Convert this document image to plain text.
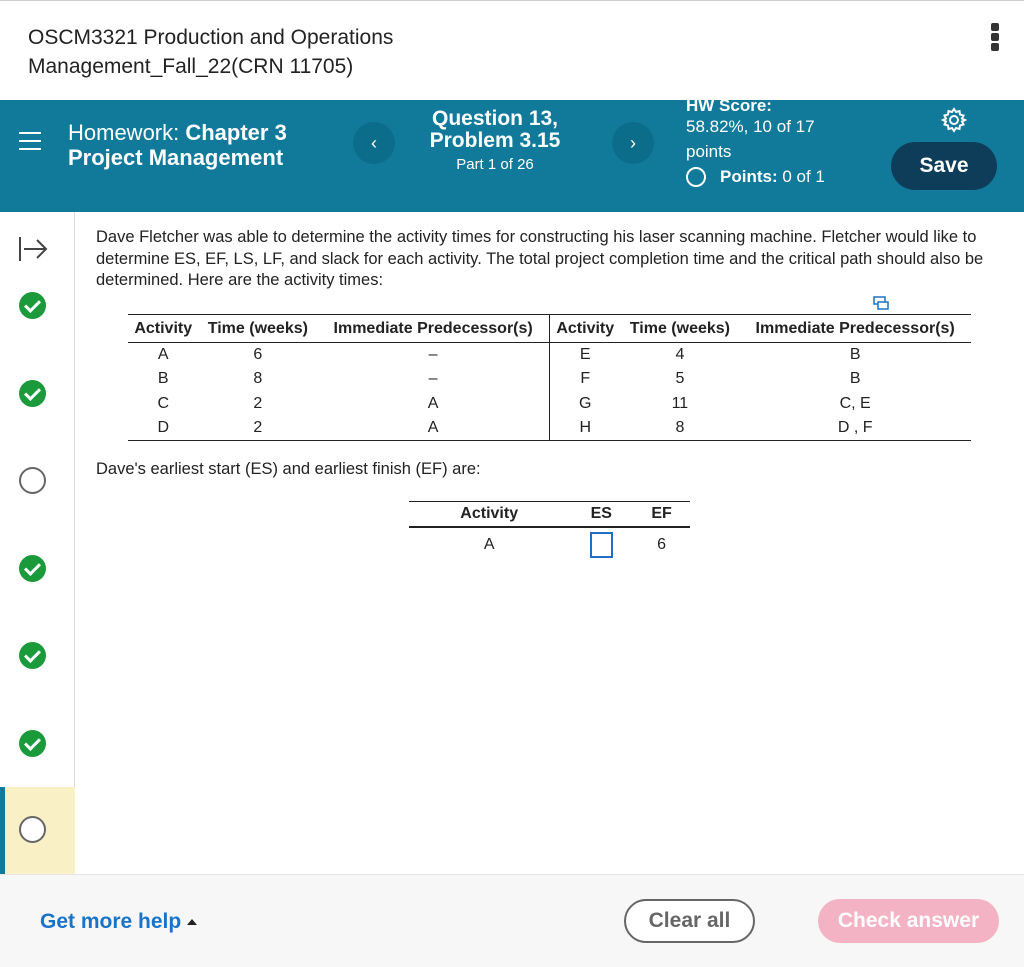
OSCM3321 Production and Operations
Management_Fall_22(CRN 11705)
Homework: Chapter 3
Project Management
‹
Question 13,
Problem 3.15
Part 1 of 26
›
HW Score:
58.82%, 10 of 17
points
Points: 0 of 1	Save
Dave Fletcher was able to determine the activity times for constructing his laser scanning machine. Fletcher would like to determine ES, EF, LS, LF, and slack for each activity. The total project completion time and the critical path should also be determined. Here are the activity times:
Activity	Time (weeks)	Immediate Predecessor(s)	Activity	Time (weeks)	Immediate Predecessor(s)
A	6	–	E	4	B
B	8	–	F	5	B
C	2	A	G	11	C, E
D	2	A	H	8	D , F
Dave's earliest start (ES) and earliest finish (EF) are:
Activity	ES	EF
A		6
Get more help	Clear all	Check answer
